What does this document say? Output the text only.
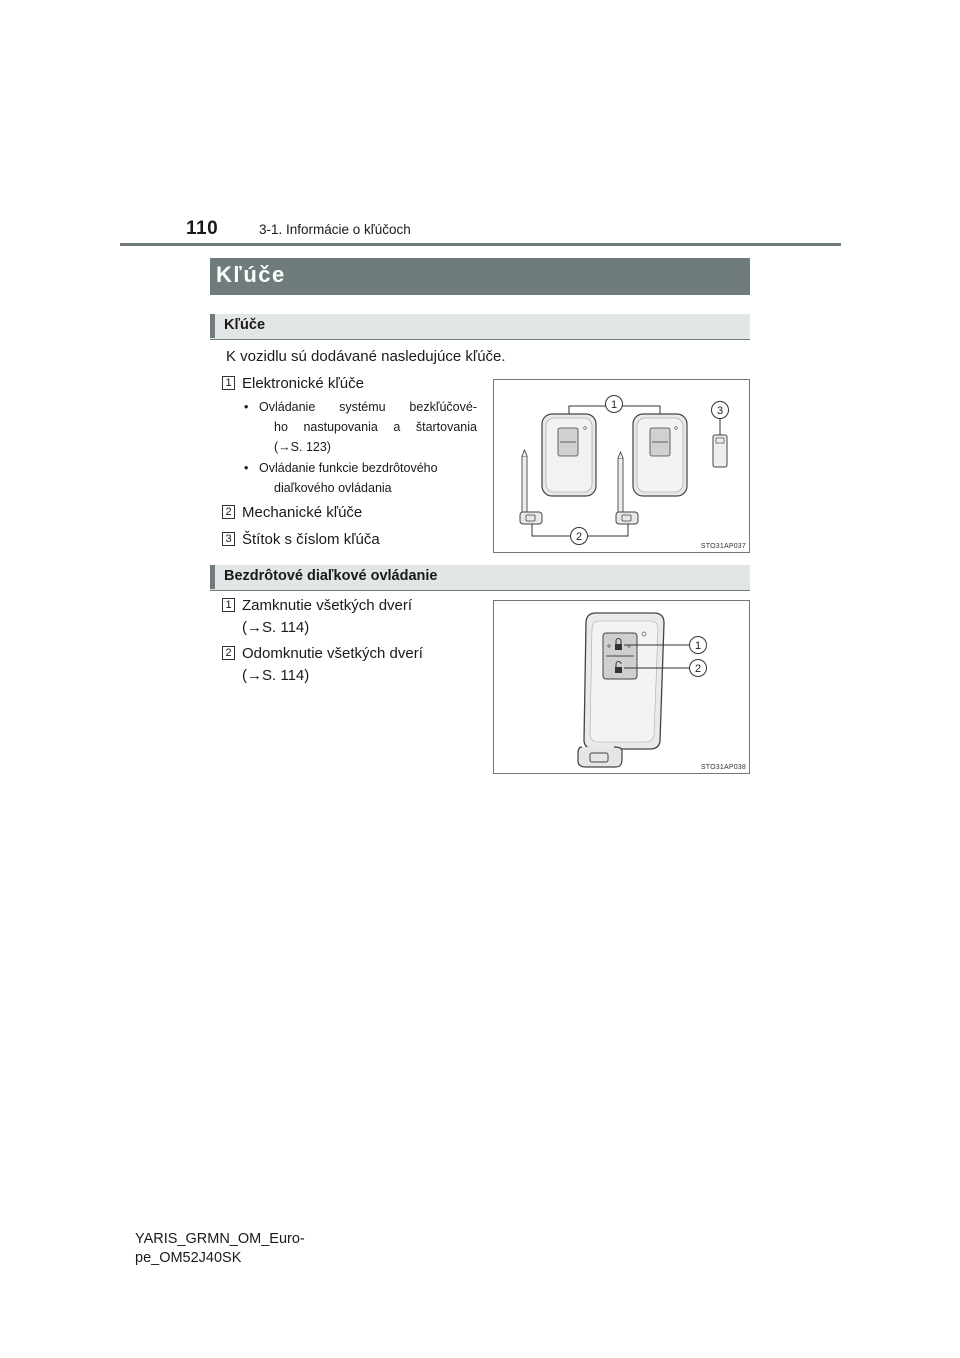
110	3-1. Informácie o kľúčoch
Kľúče
Kľúče
K vozidlu sú dodávané nasledujúce kľúče.
1 Elektronické kľúče
• Ovládanie systému bezkľúčové-
ho nastupovania a štartovania
(→S. 123)
• Ovládanie funkcie bezdrôtového
diaľkového ovládania
2 Mechanické kľúče
3 Štítok s číslom kľúča
1
2
3
STO31AP037
Bezdrôtové diaľkové ovládanie
1 Zamknutie všetkých dverí
(→S. 114)
2 Odomknutie všetkých dverí
(→S. 114)
1
2
STO31AP038
YARIS_GRMN_OM_Euro-
pe_OM52J40SK
